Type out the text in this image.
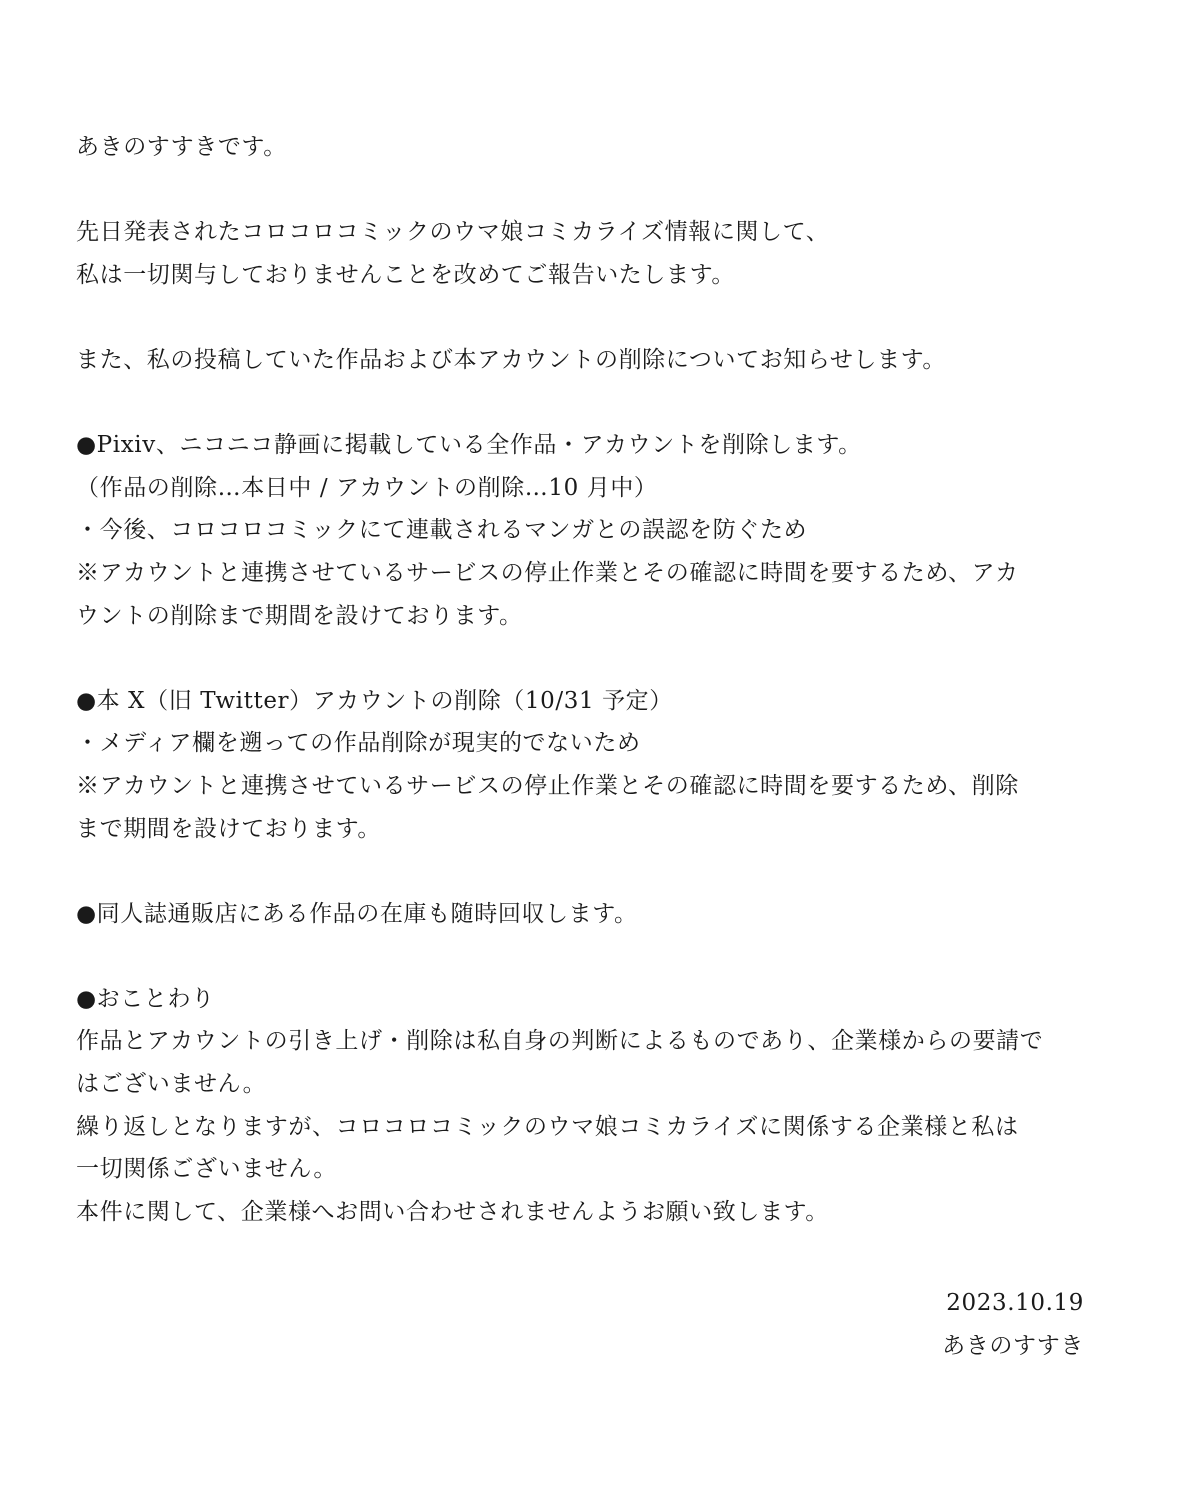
あきのすすきです。
先日発表されたコロコロコミックのウマ娘コミカライズ情報に関して、
私は一切関与しておりませんことを改めてご報告いたします。
また、私の投稿していた作品および本アカウントの削除についてお知らせします。
●Pixiv、ニコニコ静画に掲載している全作品・アカウントを削除します。
（作品の削除…本日中 / アカウントの削除…10 月中）
・今後、コロコロコミックにて連載されるマンガとの誤認を防ぐため
※アカウントと連携させているサービスの停止作業とその確認に時間を要するため、アカ
ウントの削除まで期間を設けております。
●本 X（旧 Twitter）アカウントの削除（10/31 予定）
・メディア欄を遡っての作品削除が現実的でないため
※アカウントと連携させているサービスの停止作業とその確認に時間を要するため、削除
まで期間を設けております。
●同人誌通販店にある作品の在庫も随時回収します。
●おことわり
作品とアカウントの引き上げ・削除は私自身の判断によるものであり、企業様からの要請で
はございません。
繰り返しとなりますが、コロコロコミックのウマ娘コミカライズに関係する企業様と私は
一切関係ございません。
本件に関して、企業様へお問い合わせされませんようお願い致します。
2023.10.19
あきのすすき
